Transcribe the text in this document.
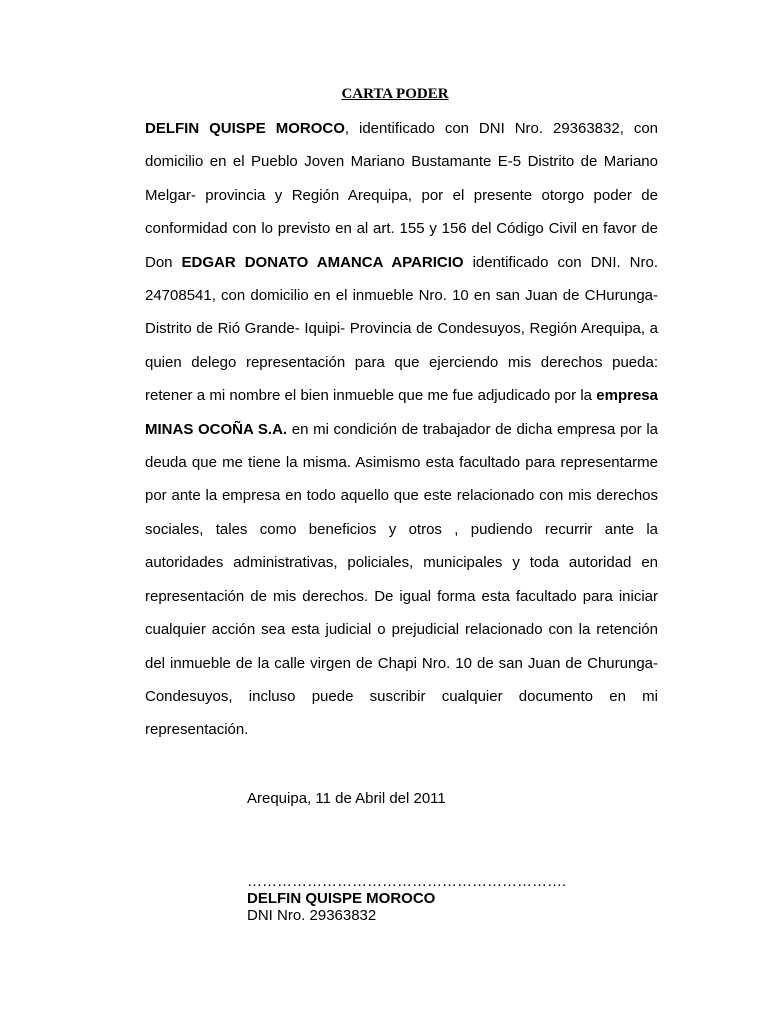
CARTA PODER

DELFIN QUISPE MOROCO, identificado con DNI Nro. 29363832, con domicilio en el Pueblo Joven Mariano Bustamante E-5 Distrito de Mariano Melgar- provincia y Región Arequipa, por el presente otorgo poder de conformidad con lo previsto en al art. 155 y 156 del Código Civil en favor de Don EDGAR DONATO AMANCA APARICIO identificado con DNI. Nro. 24708541, con domicilio en el inmueble Nro. 10 en san Juan de CHurunga- Distrito de Rió Grande- Iquipi- Provincia de Condesuyos, Región Arequipa, a quien delego representación para que ejerciendo mis derechos pueda: retener a mi nombre el bien inmueble que me fue adjudicado por la empresa MINAS OCOÑA S.A. en mi condición de trabajador de dicha empresa por la deuda que me tiene la misma. Asimismo esta facultado para representarme por ante la empresa en todo aquello que este relacionado con mis derechos sociales, tales como beneficios y otros , pudiendo recurrir ante la autoridades administrativas, policiales, municipales y toda autoridad en representación de mis derechos. De igual forma esta facultado para iniciar cualquier acción sea esta judicial o prejudicial relacionado con la retención del inmueble de la calle virgen de Chapi Nro. 10 de san Juan de Churunga- Condesuyos, incluso puede suscribir cualquier documento en mi representación.

Arequipa, 11 de Abril del 2011

……………………………………………………….
DELFIN QUISPE MOROCO
DNI Nro. 29363832
